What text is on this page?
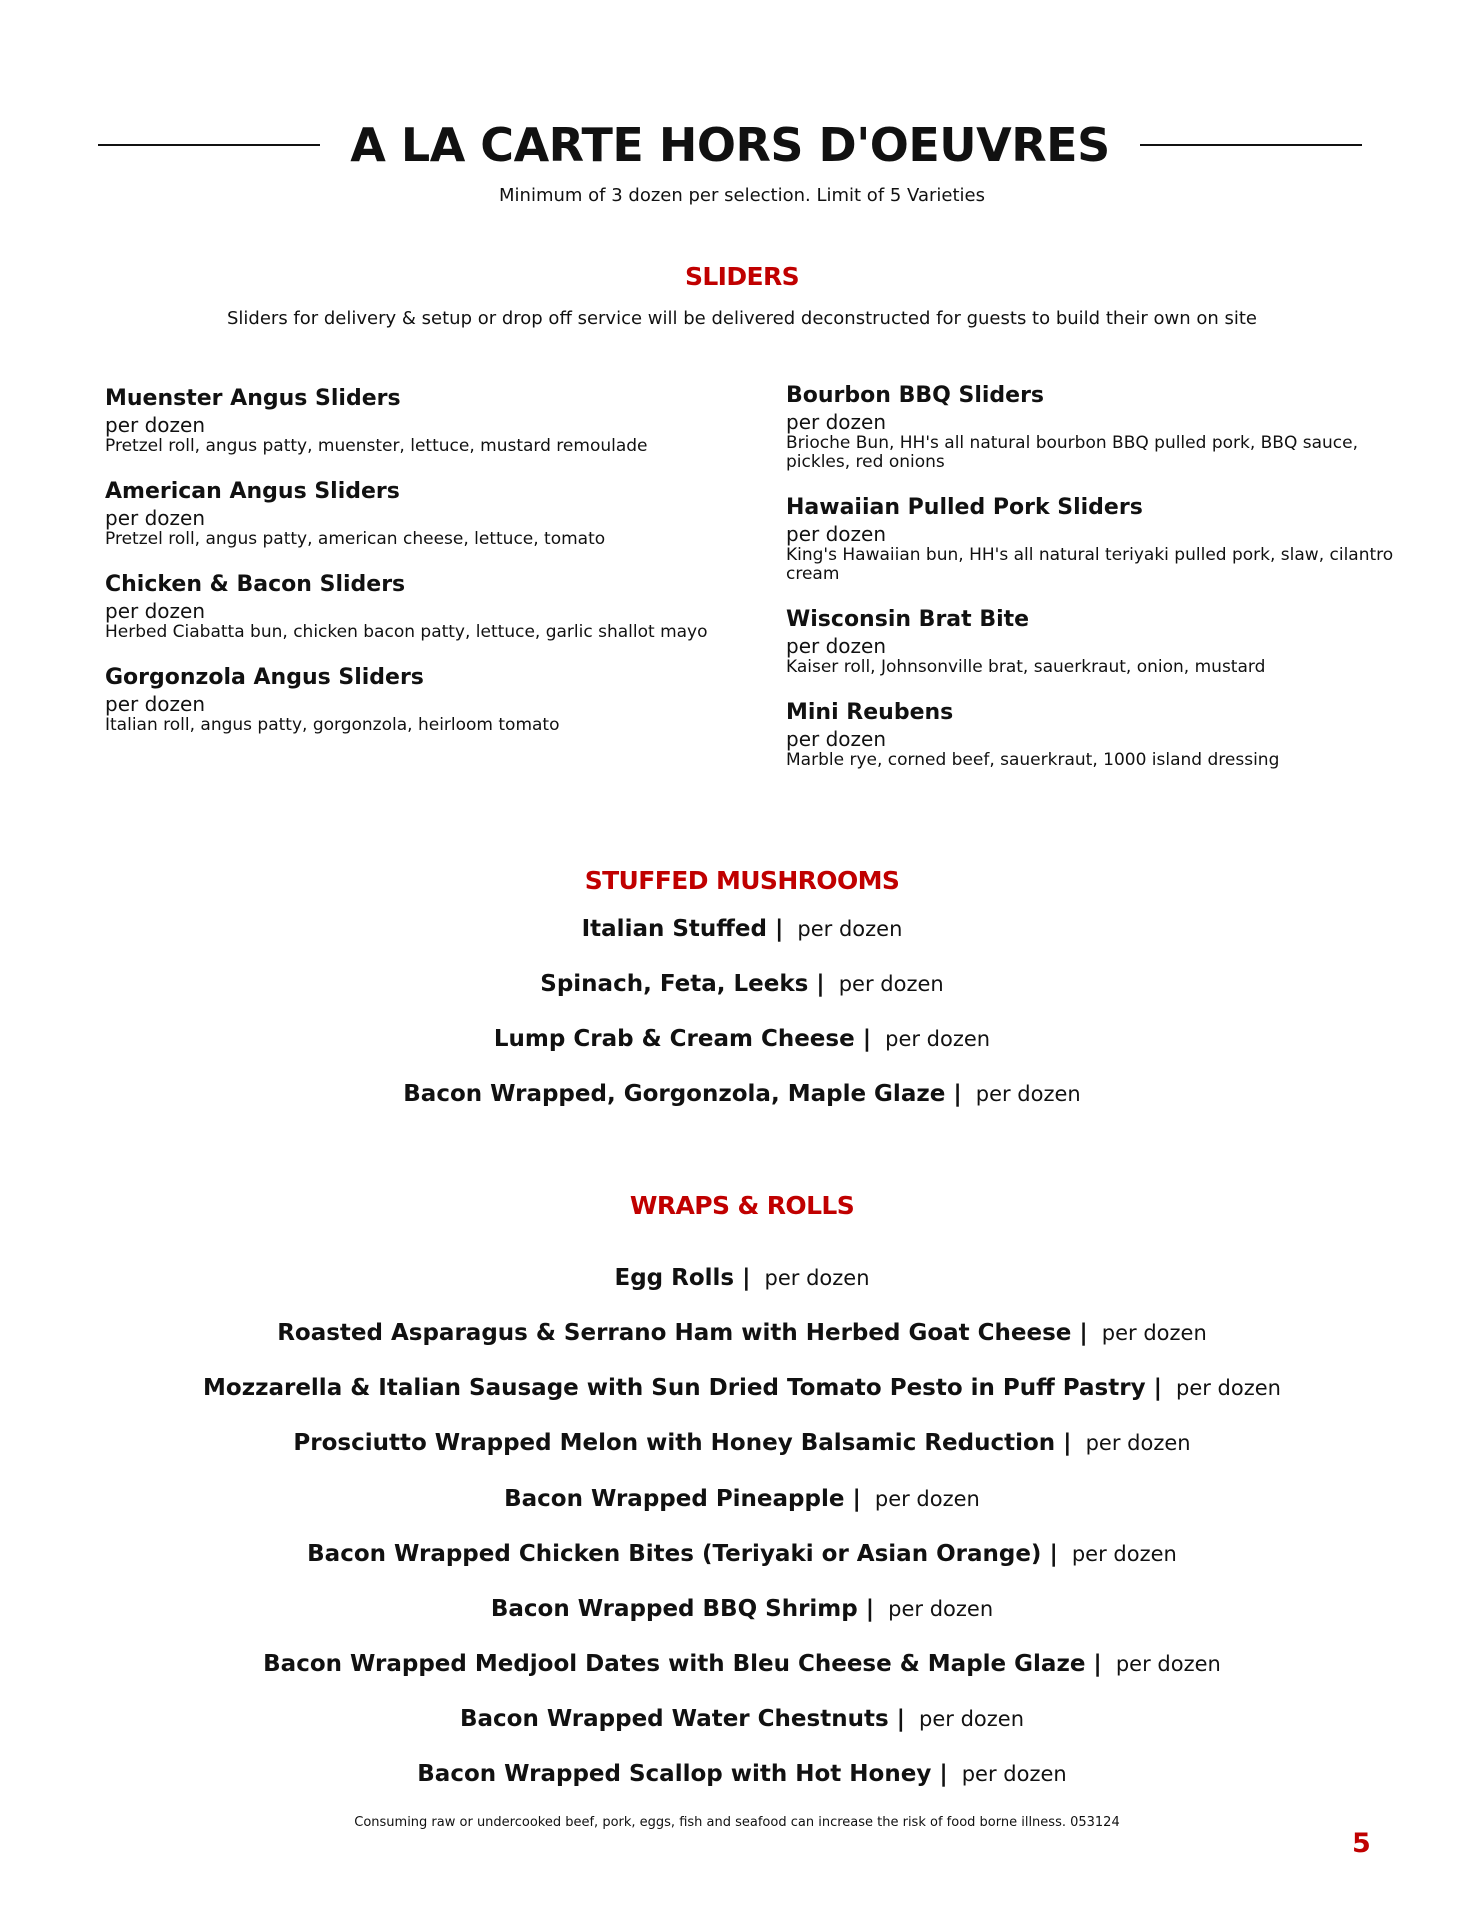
A LA CARTE HORS D'OEUVRES
Minimum of 3 dozen per selection. Limit of 5 Varieties
SLIDERS
Sliders for delivery & setup or drop off service will be delivered deconstructed for guests to build their own on site
Muenster Angus Sliders
per dozen
Pretzel roll, angus patty, muenster, lettuce, mustard remoulade
American Angus Sliders
per dozen
Pretzel roll, angus patty, american cheese, lettuce, tomato
Chicken & Bacon Sliders
per dozen
Herbed Ciabatta bun, chicken bacon patty, lettuce, garlic shallot mayo
Gorgonzola Angus Sliders
per dozen
Italian roll, angus patty, gorgonzola, heirloom tomato
Bourbon BBQ Sliders
per dozen
Brioche Bun, HH's all natural bourbon BBQ pulled pork, BBQ sauce, pickles, red onions
Hawaiian Pulled Pork Sliders
per dozen
King's Hawaiian bun, HH's all natural teriyaki pulled pork, slaw, cilantro cream
Wisconsin Brat Bite
per dozen
Kaiser roll, Johnsonville brat, sauerkraut, onion, mustard
Mini Reubens
per dozen
Marble rye, corned beef, sauerkraut, 1000 island dressing
STUFFED MUSHROOMS
Italian Stuffed | per dozen
Spinach, Feta, Leeks | per dozen
Lump Crab & Cream Cheese | per dozen
Bacon Wrapped, Gorgonzola, Maple Glaze | per dozen
WRAPS & ROLLS
Egg Rolls | per dozen
Roasted Asparagus & Serrano Ham with Herbed Goat Cheese | per dozen
Mozzarella & Italian Sausage with Sun Dried Tomato Pesto in Puff Pastry | per dozen
Prosciutto Wrapped Melon with Honey Balsamic Reduction | per dozen
Bacon Wrapped Pineapple | per dozen
Bacon Wrapped Chicken Bites (Teriyaki or Asian Orange) | per dozen
Bacon Wrapped BBQ Shrimp | per dozen
Bacon Wrapped Medjool Dates with Bleu Cheese & Maple Glaze | per dozen
Bacon Wrapped Water Chestnuts | per dozen
Bacon Wrapped Scallop with Hot Honey | per dozen
Consuming raw or undercooked beef, pork, eggs, fish and seafood can increase the risk of food borne illness. 053124
5
